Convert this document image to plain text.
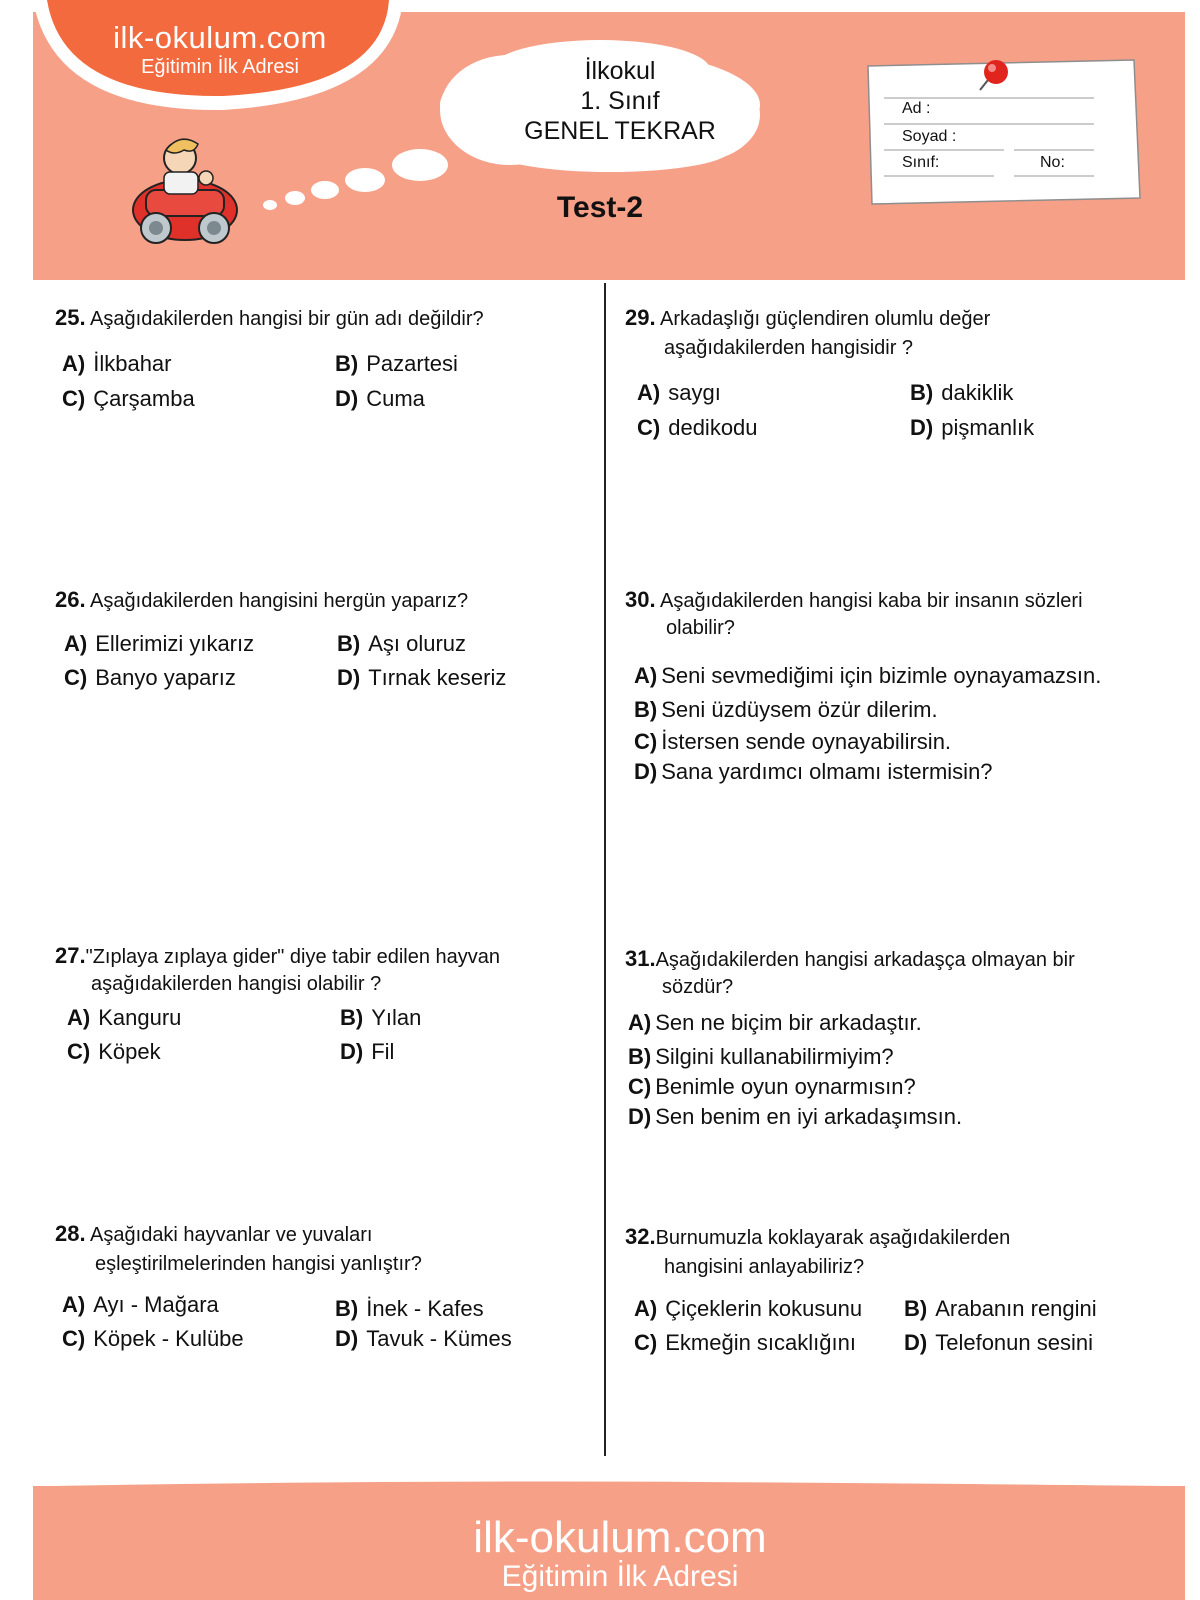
ilk-okulum.com
Eğitimin İlk Adresi	İlkokul
1. Sınıf
GENEL TEKRAR
Test-2
Ad :
Soyad :
Sınıf:	No:
25. Aşağıdakilerden hangisi bir gün adı değildir?
A) İlkbahar	B) Pazartesi
C) Çarşamba	D) Cuma
26. Aşağıdakilerden hangisini hergün yaparız?
A) Ellerimizi yıkarız	B) Aşı oluruz
C) Banyo yaparız	D) Tırnak keseriz
27."Zıplaya zıplaya gider" diye tabir edilen hayvan
aşağıdakilerden hangisi olabilir ?
A) Kanguru	B) Yılan
C) Köpek	D) Fil
28. Aşağıdaki hayvanlar ve yuvaları
eşleştirilmelerinden hangisi yanlıştır?
A) Ayı - Mağara	B) İnek - Kafes
C) Köpek - Kulübe	D) Tavuk - Kümes
29. Arkadaşlığı güçlendiren olumlu değer
aşağıdakilerden hangisidir ?
A) saygı	B) dakiklik
C) dedikodu	D) pişmanlık
30. Aşağıdakilerden hangisi kaba bir insanın sözleri
olabilir?
A) Seni sevmediğimi için bizimle oynayamazsın.
B) Seni üzdüysem özür dilerim.
C) İstersen sende oynayabilirsin.
D) Sana yardımcı olmamı istermisin?
31.Aşağıdakilerden hangisi arkadaşça olmayan bir
sözdür?
A) Sen ne biçim bir arkadaştır.
B) Silgini kullanabilirmiyim?
C) Benimle oyun oynarmısın?
D) Sen benim en iyi arkadaşımsın.
32.Burnumuzla koklayarak aşağıdakilerden
hangisini anlayabiliriz?
A) Çiçeklerin kokusunu B) Arabanın rengini
C) Ekmeğin sıcaklığını D) Telefonun sesini
ilk-okulum.com
Eğitimin İlk Adresi
